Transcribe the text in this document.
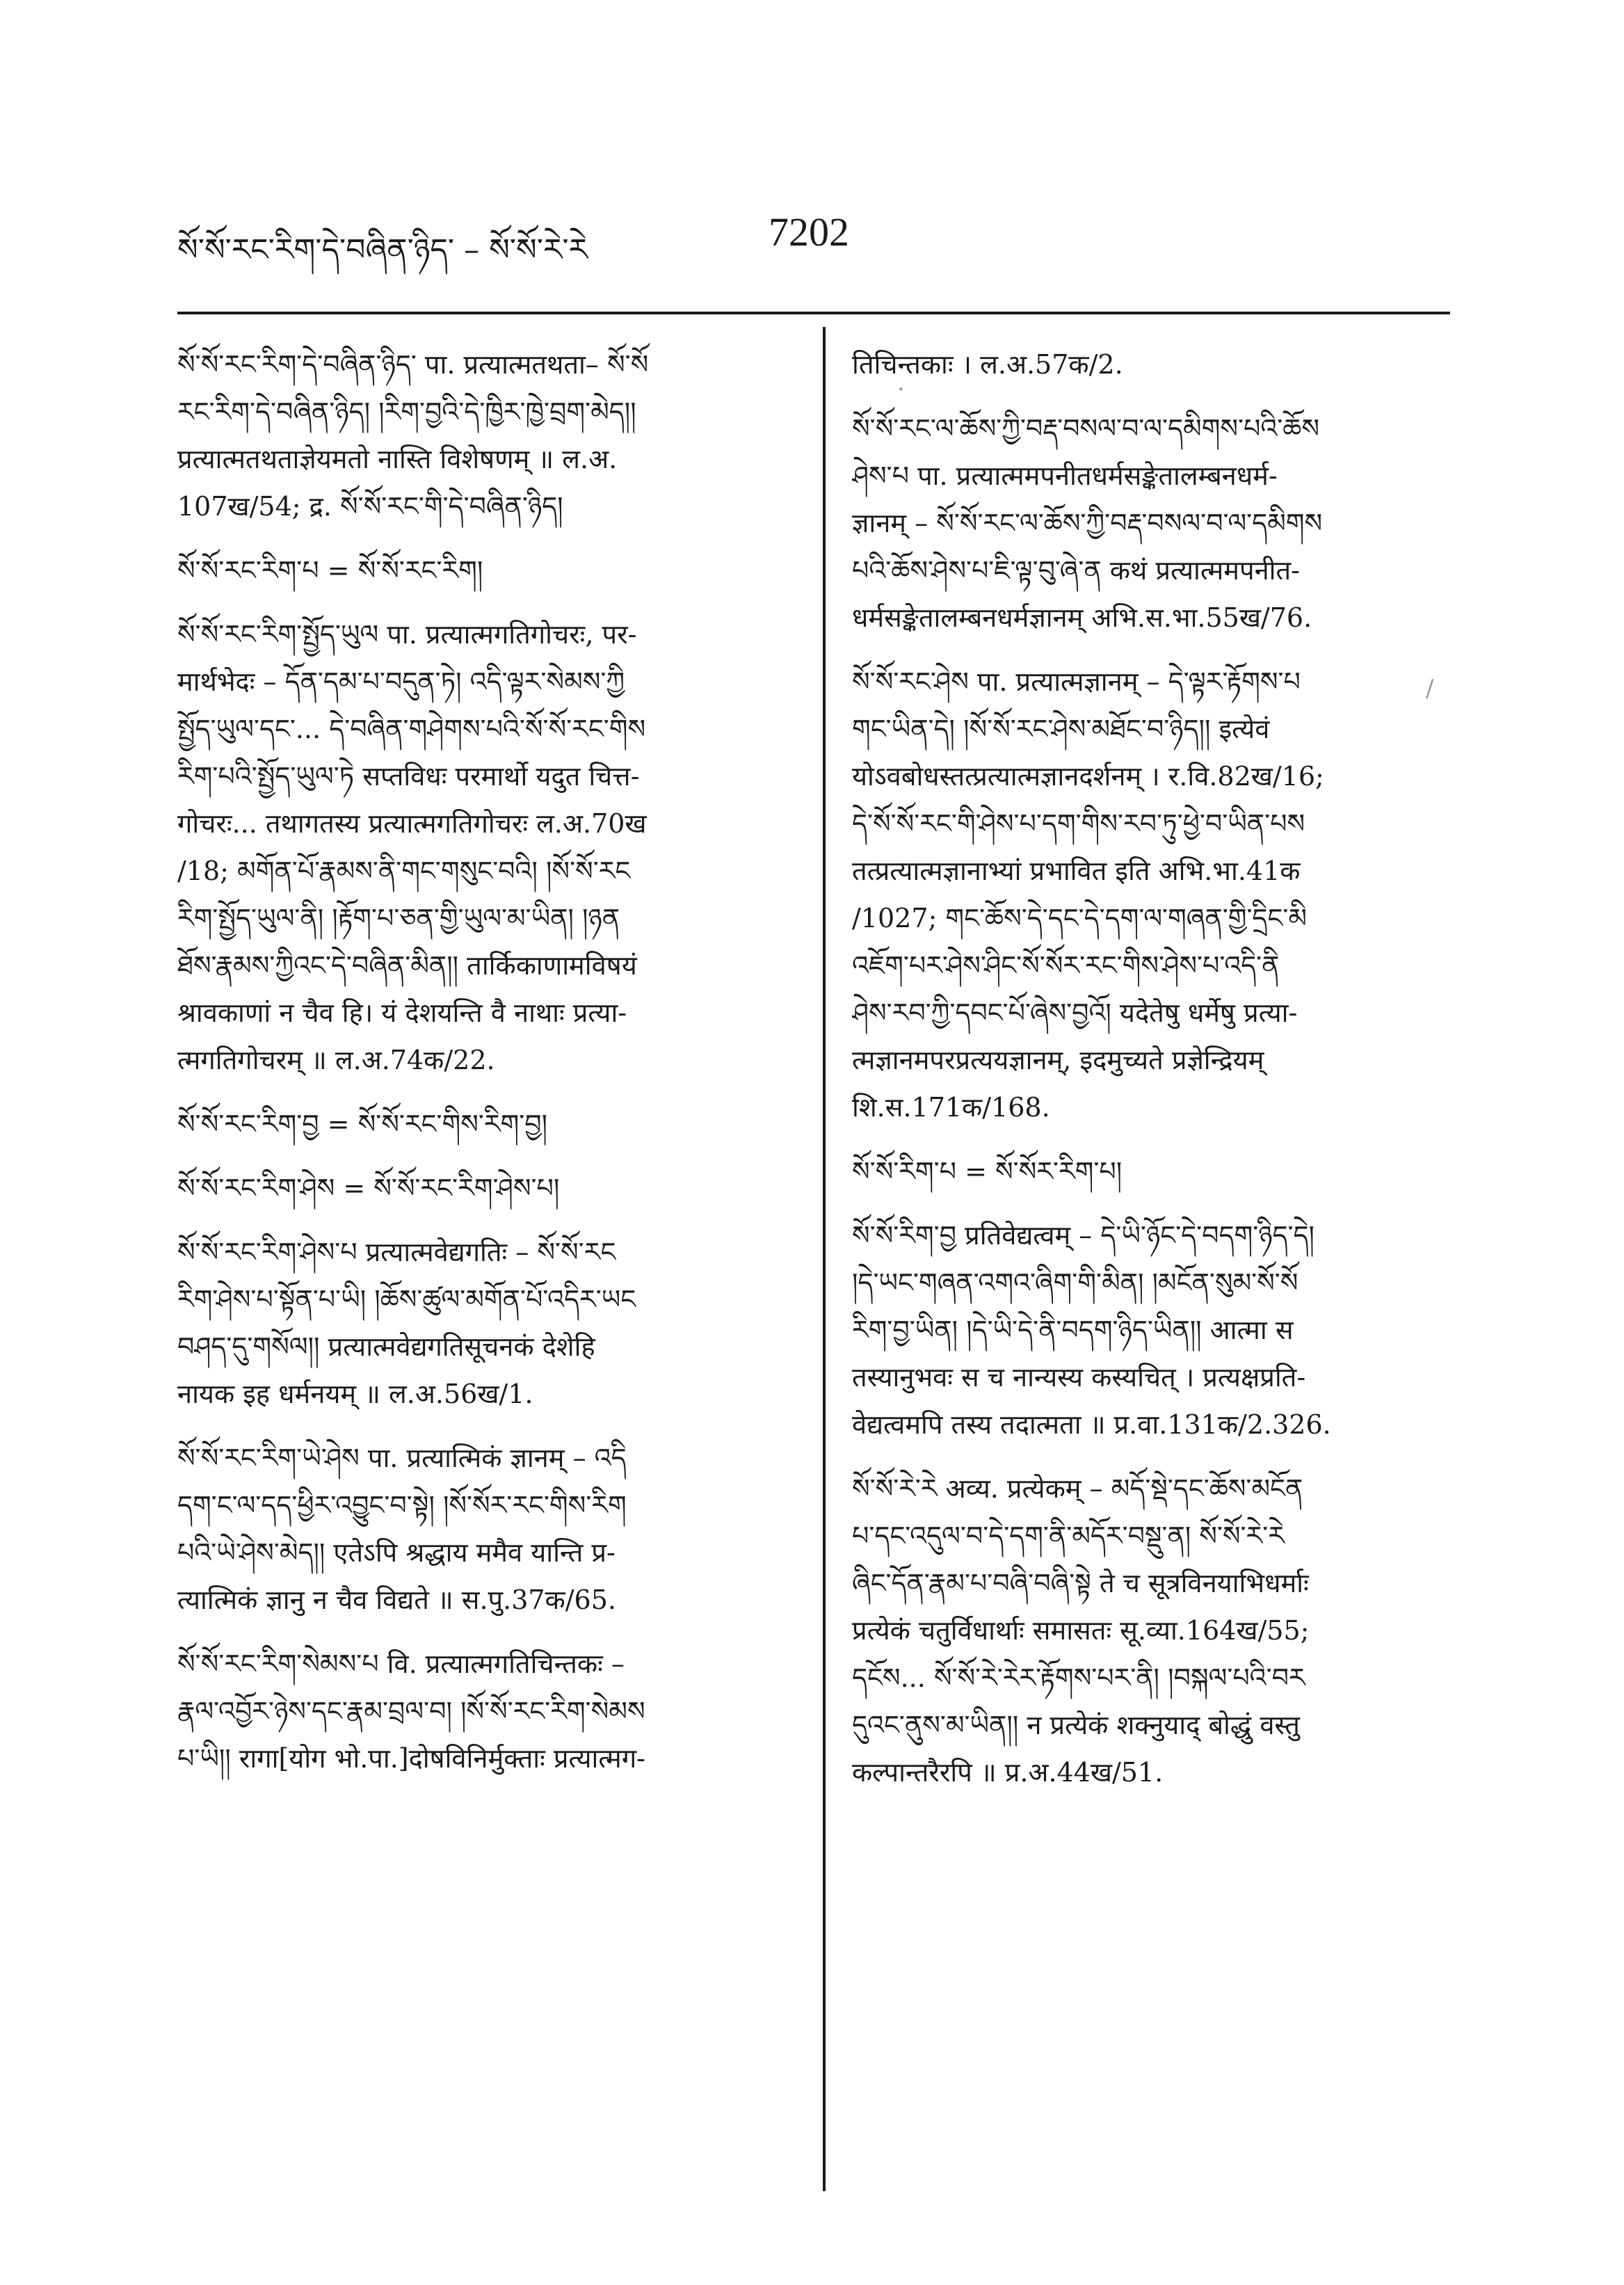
སོ་སོ་རང་རིག་དེ་བཞིན་ཉིད་ – སོ་སོ་རེ་རེ	7202
སོ་སོ་རང་རིག་དེ་བཞིན་ཉིད་ पा. प्रत्यात्मतथता– སོ་སོ
རང་རིག་དེ་བཞིན་ཉིད། །རིག་བྱའི་དེ་ཁྱིར་ཁྱེ་བྲག་མེད།།
प्रत्यात्मतथताज्ञेयमतो नास्ति विशेषणम् ॥ ल.अ.
107ख/54; द्र. སོ་སོ་རང་གི་དེ་བཞིན་ཉིད།
སོ་སོ་རང་རིག་པ = སོ་སོ་རང་རིག།
སོ་སོ་རང་རིག་སྤྱོད་ཡུལ पा. प्रत्यात्मगतिगोचरः, पर-
मार्थभेदः – དོན་དམ་པ་བདུན་ཏེ། འདི་ལྟར་སེམས་ཀྱི
སྤྱོད་ཡུལ་དང་... དེ་བཞིན་གཤེགས་པའི་སོ་སོ་རང་གིས
རིག་པའི་སྤྱོད་ཡུལ་ཏེ सप्तविधः परमार्थो यदुत चित्त-
गोचरः... तथागतस्य प्रत्यात्मगतिगोचरः ल.अ.70ख
/18; མགོན་པོ་རྣམས་ནི་གང་གསུང་བའི། །སོ་སོ་རང
རིག་སྤྱོད་ཡུལ་ནི། །རྟོག་པ་ཅན་གྱི་ཡུལ་མ་ཡིན། །ཉན
ཐོས་རྣམས་ཀྱིའང་དེ་བཞིན་མིན།། तार्किकाणामविषयं
श्रावकाणां न चैव हि। यं देशयन्ति वै नाथाः प्रत्या-
त्मगतिगोचरम् ॥ ल.अ.74क/22.
སོ་སོ་རང་རིག་བྱ = སོ་སོ་རང་གིས་རིག་བྱ།
སོ་སོ་རང་རིག་ཤེས = སོ་སོ་རང་རིག་ཤེས་པ།
སོ་སོ་རང་རིག་ཤེས་པ प्रत्यात्मवेद्यगतिः – སོ་སོ་རང
རིག་ཤེས་པ་སྟོན་པ་ཡི། །ཆོས་ཚུལ་མགོན་པོ་འདིར་ཡང
བཤད་དུ་གསོལ།། प्रत्यात्मवेद्यगतिसूचनकं देशेहि
नायक इह धर्मनयम् ॥ ल.अ.56ख/1.
སོ་སོ་རང་རིག་ཡེ་ཤེས पा. प्रत्यात्मिकं ज्ञानम् – འདི
དག་ང་ལ་དད་ཕྱིར་འབྱུང་བ་སྟེ། །སོ་སོར་རང་གིས་རིག
པའི་ཡེ་ཤེས་མེད།། एतेऽपि श्रद्धाय ममैव यान्ति प्र-
त्यात्मिकं ज्ञानु न चैव विद्यते ॥ स.पु.37क/65.
སོ་སོ་རང་རིག་སེམས་པ वि. प्रत्यात्मगतिचिन्तकः –
རྣལ་འབྱོར་ཉེས་དང་རྣམ་བྲལ་བ། །སོ་སོ་རང་རིག་སེམས
པ་ཡི།། रागा[योग भो.पा.]दोषविनिर्मुक्ताः प्रत्यात्मग-
तिचिन्तकाः । ल.अ.57क/2.
སོ་སོ་རང་ལ་ཆོས་ཀྱི་བརྡ་བསལ་བ་ལ་དམིགས་པའི་ཆོས
ཤེས་པ पा. प्रत्यात्ममपनीतधर्मसङ्केतालम्बनधर्म-
ज्ञानम् – སོ་སོ་རང་ལ་ཆོས་ཀྱི་བརྡ་བསལ་བ་ལ་དམིགས
པའི་ཆོས་ཤེས་པ་ཇི་ལྟ་བུ་ཞེ་ན कथं प्रत्यात्ममपनीत-
धर्मसङ्केतालम्बनधर्मज्ञानम् अभि.स.भा.55ख/76.
སོ་སོ་རང་ཤེས पा. प्रत्यात्मज्ञानम् – དེ་ལྟར་རྟོགས་པ
གང་ཡིན་དེ། །སོ་སོ་རང་ཤེས་མཐོང་བ་ཉིད།། इत्येवं
योऽवबोधस्तत्प्रत्यात्मज्ञानदर्शनम् । र.वि.82ख/16;
དེ་སོ་སོ་རང་གི་ཤེས་པ་དག་གིས་རབ་ཏུ་ཕྱེ་བ་ཡིན་པས
तत्प्रत्यात्मज्ञानाभ्यां प्रभावित इति अभि.भा.41क
/1027; གང་ཆོས་དེ་དང་དེ་དག་ལ་གཞན་གྱི་དྲིང་མི
འཇོག་པར་ཤེས་ཤིང་སོ་སོར་རང་གིས་ཤེས་པ་འདི་ནི
ཤེས་རབ་ཀྱི་དབང་པོ་ཞེས་བྱའོ། यदेतेषु धर्मेषु प्रत्या-
त्मज्ञानमपरप्रत्ययज्ञानम्, इदमुच्यते प्रज्ञेन्द्रियम्
शि.स.171क/168.
སོ་སོ་རིག་པ = སོ་སོར་རིག་པ།
སོ་སོ་རིག་བྱ प्रतिवेद्यत्वम् – དེ་ཡི་ཉོང་དེ་བདག་ཉིད་དེ།
།དེ་ཡང་གཞན་འགའ་ཞིག་གི་མིན། །མངོན་སུམ་སོ་སོ
རིག་བྱ་ཡིན། །དེ་ཡི་དེ་ནི་བདག་ཉིད་ཡིན།། आत्मा स
तस्यानुभवः स च नान्यस्य कस्यचित् । प्रत्यक्षप्रति-
वेद्यत्वमपि तस्य तदात्मता ॥ प्र.वा.131क/2.326.
སོ་སོ་རེ་རེ अव्य. प्रत्येकम् – མདོ་སྡེ་དང་ཆོས་མངོན
པ་དང་འདུལ་བ་དེ་དག་ནི་མདོར་བསྡུ་ན། སོ་སོ་རེ་རེ
ཞིང་དོན་རྣམ་པ་བཞི་བཞི་སྟེ ते च सूत्रविनयाभिधर्माः
प्रत्येकं चतुर्विधार्थाः समासतः सू.व्या.164ख/55;
དངོས... སོ་སོ་རེ་རེར་རྟོགས་པར་ནི། །བསྐལ་པའི་བར
དུའང་ནུས་མ་ཡིན།། न प्रत्येकं शक्नुयाद् बोद्धुं वस्तु
कल्पान्तरैरपि ॥ प्र.अ.44ख/51.
·
/
